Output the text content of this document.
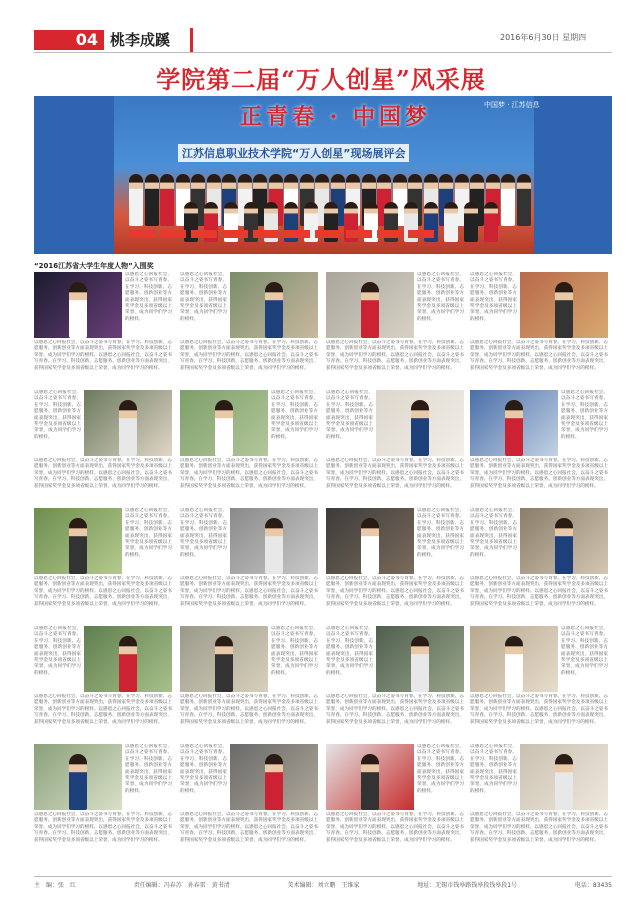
04 桃李成蹊	2016年6月30日 星期四
学院第二届“万人创星”风采展
正青春 · 中国梦
江苏信息职业技术学院“万人创星”现场展评会
中国梦 · 江苏信息
“2016江苏省大学生年度人物”入围奖
以感恩之心回报社会，以奋斗之姿书写青春。在学习、科技创新、志愿服务、创新创业等方面表现突出，获得国家奖学金及多项省级以上荣誉，成为同学们学习的榜样。
以感恩之心回报社会，以奋斗之姿书写青春。在学习、科技创新、志愿服务、创新创业等方面表现突出，获得国家奖学金及多项省级以上荣誉，成为同学们学习的榜样。以感恩之心回报社会，以奋斗之姿书写青春。在学习、科技创新、志愿服务、创新创业等方面表现突出，获得国家奖学金及多项省级以上荣誉，成为同学们学习的榜样。
以感恩之心回报社会，以奋斗之姿书写青春。在学习、科技创新、志愿服务、创新创业等方面表现突出，获得国家奖学金及多项省级以上荣誉，成为同学们学习的榜样。
以感恩之心回报社会，以奋斗之姿书写青春。在学习、科技创新、志愿服务、创新创业等方面表现突出，获得国家奖学金及多项省级以上荣誉，成为同学们学习的榜样。以感恩之心回报社会，以奋斗之姿书写青春。在学习、科技创新、志愿服务、创新创业等方面表现突出，获得国家奖学金及多项省级以上荣誉，成为同学们学习的榜样。
以感恩之心回报社会，以奋斗之姿书写青春。在学习、科技创新、志愿服务、创新创业等方面表现突出，获得国家奖学金及多项省级以上荣誉，成为同学们学习的榜样。
以感恩之心回报社会，以奋斗之姿书写青春。在学习、科技创新、志愿服务、创新创业等方面表现突出，获得国家奖学金及多项省级以上荣誉，成为同学们学习的榜样。以感恩之心回报社会，以奋斗之姿书写青春。在学习、科技创新、志愿服务、创新创业等方面表现突出，获得国家奖学金及多项省级以上荣誉，成为同学们学习的榜样。
以感恩之心回报社会，以奋斗之姿书写青春。在学习、科技创新、志愿服务、创新创业等方面表现突出，获得国家奖学金及多项省级以上荣誉，成为同学们学习的榜样。
以感恩之心回报社会，以奋斗之姿书写青春。在学习、科技创新、志愿服务、创新创业等方面表现突出，获得国家奖学金及多项省级以上荣誉，成为同学们学习的榜样。以感恩之心回报社会，以奋斗之姿书写青春。在学习、科技创新、志愿服务、创新创业等方面表现突出，获得国家奖学金及多项省级以上荣誉，成为同学们学习的榜样。
以感恩之心回报社会，以奋斗之姿书写青春。在学习、科技创新、志愿服务、创新创业等方面表现突出，获得国家奖学金及多项省级以上荣誉，成为同学们学习的榜样。
以感恩之心回报社会，以奋斗之姿书写青春。在学习、科技创新、志愿服务、创新创业等方面表现突出，获得国家奖学金及多项省级以上荣誉，成为同学们学习的榜样。以感恩之心回报社会，以奋斗之姿书写青春。在学习、科技创新、志愿服务、创新创业等方面表现突出，获得国家奖学金及多项省级以上荣誉，成为同学们学习的榜样。
以感恩之心回报社会，以奋斗之姿书写青春。在学习、科技创新、志愿服务、创新创业等方面表现突出，获得国家奖学金及多项省级以上荣誉，成为同学们学习的榜样。
以感恩之心回报社会，以奋斗之姿书写青春。在学习、科技创新、志愿服务、创新创业等方面表现突出，获得国家奖学金及多项省级以上荣誉，成为同学们学习的榜样。以感恩之心回报社会，以奋斗之姿书写青春。在学习、科技创新、志愿服务、创新创业等方面表现突出，获得国家奖学金及多项省级以上荣誉，成为同学们学习的榜样。
以感恩之心回报社会，以奋斗之姿书写青春。在学习、科技创新、志愿服务、创新创业等方面表现突出，获得国家奖学金及多项省级以上荣誉，成为同学们学习的榜样。
以感恩之心回报社会，以奋斗之姿书写青春。在学习、科技创新、志愿服务、创新创业等方面表现突出，获得国家奖学金及多项省级以上荣誉，成为同学们学习的榜样。以感恩之心回报社会，以奋斗之姿书写青春。在学习、科技创新、志愿服务、创新创业等方面表现突出，获得国家奖学金及多项省级以上荣誉，成为同学们学习的榜样。
以感恩之心回报社会，以奋斗之姿书写青春。在学习、科技创新、志愿服务、创新创业等方面表现突出，获得国家奖学金及多项省级以上荣誉，成为同学们学习的榜样。
以感恩之心回报社会，以奋斗之姿书写青春。在学习、科技创新、志愿服务、创新创业等方面表现突出，获得国家奖学金及多项省级以上荣誉，成为同学们学习的榜样。以感恩之心回报社会，以奋斗之姿书写青春。在学习、科技创新、志愿服务、创新创业等方面表现突出，获得国家奖学金及多项省级以上荣誉，成为同学们学习的榜样。
以感恩之心回报社会，以奋斗之姿书写青春。在学习、科技创新、志愿服务、创新创业等方面表现突出，获得国家奖学金及多项省级以上荣誉，成为同学们学习的榜样。
以感恩之心回报社会，以奋斗之姿书写青春。在学习、科技创新、志愿服务、创新创业等方面表现突出，获得国家奖学金及多项省级以上荣誉，成为同学们学习的榜样。以感恩之心回报社会，以奋斗之姿书写青春。在学习、科技创新、志愿服务、创新创业等方面表现突出，获得国家奖学金及多项省级以上荣誉，成为同学们学习的榜样。
以感恩之心回报社会，以奋斗之姿书写青春。在学习、科技创新、志愿服务、创新创业等方面表现突出，获得国家奖学金及多项省级以上荣誉，成为同学们学习的榜样。
以感恩之心回报社会，以奋斗之姿书写青春。在学习、科技创新、志愿服务、创新创业等方面表现突出，获得国家奖学金及多项省级以上荣誉，成为同学们学习的榜样。以感恩之心回报社会，以奋斗之姿书写青春。在学习、科技创新、志愿服务、创新创业等方面表现突出，获得国家奖学金及多项省级以上荣誉，成为同学们学习的榜样。
以感恩之心回报社会，以奋斗之姿书写青春。在学习、科技创新、志愿服务、创新创业等方面表现突出，获得国家奖学金及多项省级以上荣誉，成为同学们学习的榜样。
以感恩之心回报社会，以奋斗之姿书写青春。在学习、科技创新、志愿服务、创新创业等方面表现突出，获得国家奖学金及多项省级以上荣誉，成为同学们学习的榜样。以感恩之心回报社会，以奋斗之姿书写青春。在学习、科技创新、志愿服务、创新创业等方面表现突出，获得国家奖学金及多项省级以上荣誉，成为同学们学习的榜样。
以感恩之心回报社会，以奋斗之姿书写青春。在学习、科技创新、志愿服务、创新创业等方面表现突出，获得国家奖学金及多项省级以上荣誉，成为同学们学习的榜样。
以感恩之心回报社会，以奋斗之姿书写青春。在学习、科技创新、志愿服务、创新创业等方面表现突出，获得国家奖学金及多项省级以上荣誉，成为同学们学习的榜样。以感恩之心回报社会，以奋斗之姿书写青春。在学习、科技创新、志愿服务、创新创业等方面表现突出，获得国家奖学金及多项省级以上荣誉，成为同学们学习的榜样。
以感恩之心回报社会，以奋斗之姿书写青春。在学习、科技创新、志愿服务、创新创业等方面表现突出，获得国家奖学金及多项省级以上荣誉，成为同学们学习的榜样。
以感恩之心回报社会，以奋斗之姿书写青春。在学习、科技创新、志愿服务、创新创业等方面表现突出，获得国家奖学金及多项省级以上荣誉，成为同学们学习的榜样。以感恩之心回报社会，以奋斗之姿书写青春。在学习、科技创新、志愿服务、创新创业等方面表现突出，获得国家奖学金及多项省级以上荣誉，成为同学们学习的榜样。
以感恩之心回报社会，以奋斗之姿书写青春。在学习、科技创新、志愿服务、创新创业等方面表现突出，获得国家奖学金及多项省级以上荣誉，成为同学们学习的榜样。
以感恩之心回报社会，以奋斗之姿书写青春。在学习、科技创新、志愿服务、创新创业等方面表现突出，获得国家奖学金及多项省级以上荣誉，成为同学们学习的榜样。以感恩之心回报社会，以奋斗之姿书写青春。在学习、科技创新、志愿服务、创新创业等方面表现突出，获得国家奖学金及多项省级以上荣誉，成为同学们学习的榜样。
以感恩之心回报社会，以奋斗之姿书写青春。在学习、科技创新、志愿服务、创新创业等方面表现突出，获得国家奖学金及多项省级以上荣誉，成为同学们学习的榜样。
以感恩之心回报社会，以奋斗之姿书写青春。在学习、科技创新、志愿服务、创新创业等方面表现突出，获得国家奖学金及多项省级以上荣誉，成为同学们学习的榜样。以感恩之心回报社会，以奋斗之姿书写青春。在学习、科技创新、志愿服务、创新创业等方面表现突出，获得国家奖学金及多项省级以上荣誉，成为同学们学习的榜样。
以感恩之心回报社会，以奋斗之姿书写青春。在学习、科技创新、志愿服务、创新创业等方面表现突出，获得国家奖学金及多项省级以上荣誉，成为同学们学习的榜样。
以感恩之心回报社会，以奋斗之姿书写青春。在学习、科技创新、志愿服务、创新创业等方面表现突出，获得国家奖学金及多项省级以上荣誉，成为同学们学习的榜样。以感恩之心回报社会，以奋斗之姿书写青春。在学习、科技创新、志愿服务、创新创业等方面表现突出，获得国家奖学金及多项省级以上荣誉，成为同学们学习的榜样。
以感恩之心回报社会，以奋斗之姿书写青春。在学习、科技创新、志愿服务、创新创业等方面表现突出，获得国家奖学金及多项省级以上荣誉，成为同学们学习的榜样。
以感恩之心回报社会，以奋斗之姿书写青春。在学习、科技创新、志愿服务、创新创业等方面表现突出，获得国家奖学金及多项省级以上荣誉，成为同学们学习的榜样。以感恩之心回报社会，以奋斗之姿书写青春。在学习、科技创新、志愿服务、创新创业等方面表现突出，获得国家奖学金及多项省级以上荣誉，成为同学们学习的榜样。
以感恩之心回报社会，以奋斗之姿书写青春。在学习、科技创新、志愿服务、创新创业等方面表现突出，获得国家奖学金及多项省级以上荣誉，成为同学们学习的榜样。
以感恩之心回报社会，以奋斗之姿书写青春。在学习、科技创新、志愿服务、创新创业等方面表现突出，获得国家奖学金及多项省级以上荣誉，成为同学们学习的榜样。以感恩之心回报社会，以奋斗之姿书写青春。在学习、科技创新、志愿服务、创新创业等方面表现突出，获得国家奖学金及多项省级以上荣誉，成为同学们学习的榜样。
以感恩之心回报社会，以奋斗之姿书写青春。在学习、科技创新、志愿服务、创新创业等方面表现突出，获得国家奖学金及多项省级以上荣誉，成为同学们学习的榜样。
以感恩之心回报社会，以奋斗之姿书写青春。在学习、科技创新、志愿服务、创新创业等方面表现突出，获得国家奖学金及多项省级以上荣誉，成为同学们学习的榜样。以感恩之心回报社会，以奋斗之姿书写青春。在学习、科技创新、志愿服务、创新创业等方面表现突出，获得国家奖学金及多项省级以上荣誉，成为同学们学习的榜样。
以感恩之心回报社会，以奋斗之姿书写青春。在学习、科技创新、志愿服务、创新创业等方面表现突出，获得国家奖学金及多项省级以上荣誉，成为同学们学习的榜样。
以感恩之心回报社会，以奋斗之姿书写青春。在学习、科技创新、志愿服务、创新创业等方面表现突出，获得国家奖学金及多项省级以上荣誉，成为同学们学习的榜样。以感恩之心回报社会，以奋斗之姿书写青春。在学习、科技创新、志愿服务、创新创业等方面表现突出，获得国家奖学金及多项省级以上荣誉，成为同学们学习的榜样。
主　编：张　红	责任编辑：冯春苏　孙春雷　黄书清	美术编辑：刘立鹏　王维家	地址：无锡市钱皋路钱皋段钱皋段1号	电话：83435
